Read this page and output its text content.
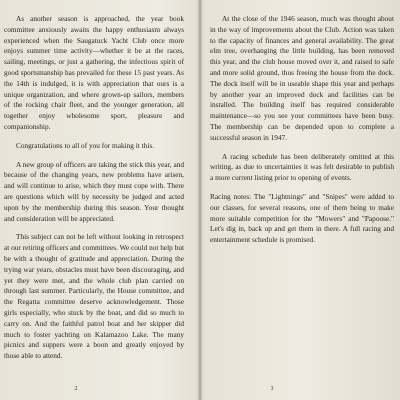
As another season is approached, the year book committee anxiously awaits the happy enthusiasm always experienced when the Saugatuck Yacht Club once more enjoys summer time activity—whether it be at the races, sailing, meetings, or just a gathering, the infectious spirit of good sportsmanship has prevailed for these 15 past years. As the 14th is indulged, it is with appreciation that ours is a unique organization, and where grown-up sailors, members of the rocking chair fleet, and the younger generation, all together enjoy wholesome sport, pleasure and companionship.

Congratulations to all of you for making it this.

A new group of officers are taking the stick this year, and because of the changing years, new problems have arisen, and will continue to arise, which they must cope with. There are questions which will by necessity be judged and acted upon by the membership during this season. Your thought and consideration will be appreciated.

This subject can not be left without looking in retrospect at our retiring officers and committees. We could not help but be with a thought of gratitude and appreciation. During the trying war years, obstacles must have been discouraging, and yet they were met, and the whole club plan carried on through last summer. Particularly, the House committee, and the Regatta committee deserve acknowledgement. Those girls especially, who stuck by the boat, and did so much to carry on. And the faithful patrol boat and her skipper did much to foster yachting on Kalamazoo Lake. The many picnics and suppers were a boon and greatly enjoyed by those able to attend.

2

At the close of the 1946 season, much was thought about in the way of improvements about the Club. Action was taken to the capacity of finances and general availability. The great elm tree, overhanging the little building, has been removed this year, and the club house moved over it, and raised to safe and more solid ground, thus freeing the house from the dock. The dock itself will be in useable shape this year and perhaps by another year an improved dock and facilities can be installed. The building itself has required considerable maintenance—so you see your committees have been busy. The membership can be depended upon to complete a successful season in 1947.

A racing schedule has been deliberately omitted at this writing, as due to uncertainties it was felt desirable to publish a more current listing prior to opening of events.

Racing notes: The "Lightnings" and "Snipes" were added to our classes, for several reasons, one of them being to make more suitable competition for the "Mowers" and "Papoose." Let's dig in, back up and get them in there. A full racing and entertainment schedule is promised.

3
